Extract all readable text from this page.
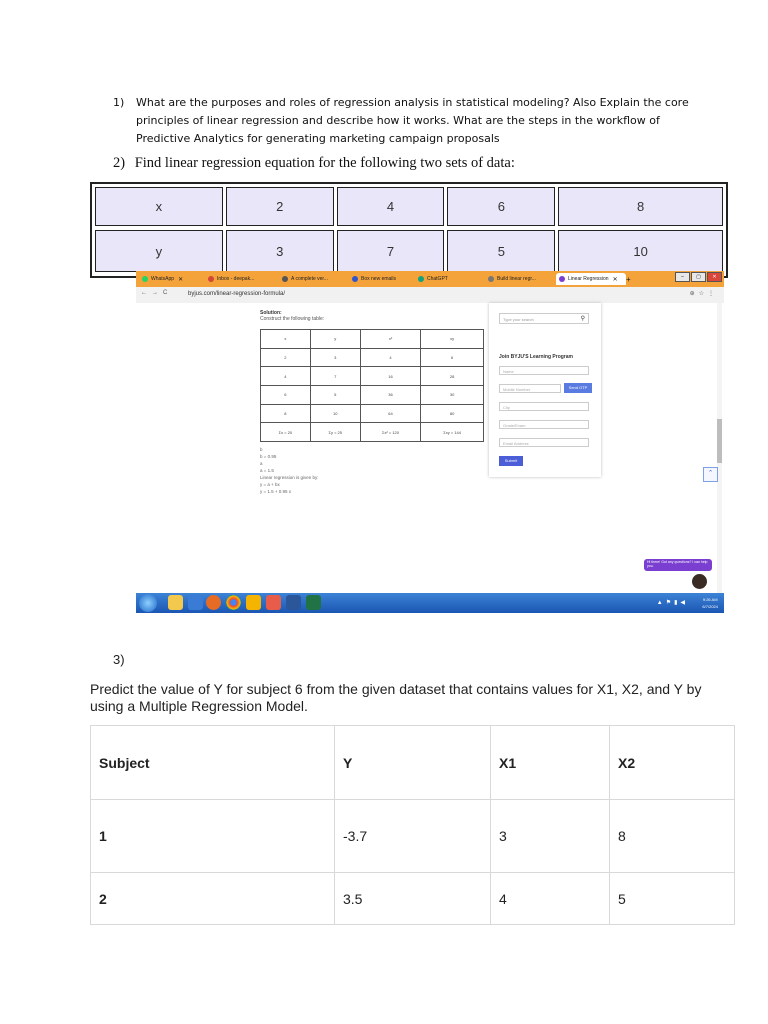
1) What are the purposes and roles of regression analysis in statistical modeling? Also Explain the core principles of linear regression and describe how it works. What are the steps in the workflow of Predictive Analytics for generating marketing campaign proposals
2) Find linear regression equation for the following two sets of data:
x	2	4	6	8
y	3	7	5	10
WhatsApp ✕	Inbox - deepak...	A complete ver...	Box new emails	ChatGPT	Build linear regr...	Linear Regression ✕ +	–	▢	✕
←→C	byjus.com/linear-regression-formula/	⊕☆⋮
Solution:
Construct the following table:
x	y	x²	xy
2	3	4	6
4	7	16	28
6	5	36	30
8	10	64	80
Σx = 20	Σy = 25	Σx² = 120	Σxy = 144
b
b = 0.95
a
a = 1.5
Linear regression is given by:
y = a + bx
y = 1.5 + 0.95 x
Type your search	⚲
Join BYJU'S Learning Program
Name
Mobile Number	Send OTP
City
Grade/Exam
Email Address
Submit
⌃
Hi there! Got any questions? I can help you.
▲⚑▮◀
9:26 AM
6/7/2024
3)
Predict the value of Y for subject 6 from the given dataset that contains values for X1, X2, and Y by using a Multiple Regression Model.
Subject	Y	X1	X2
1	-3.7	3	8
2	3.5	4	5
